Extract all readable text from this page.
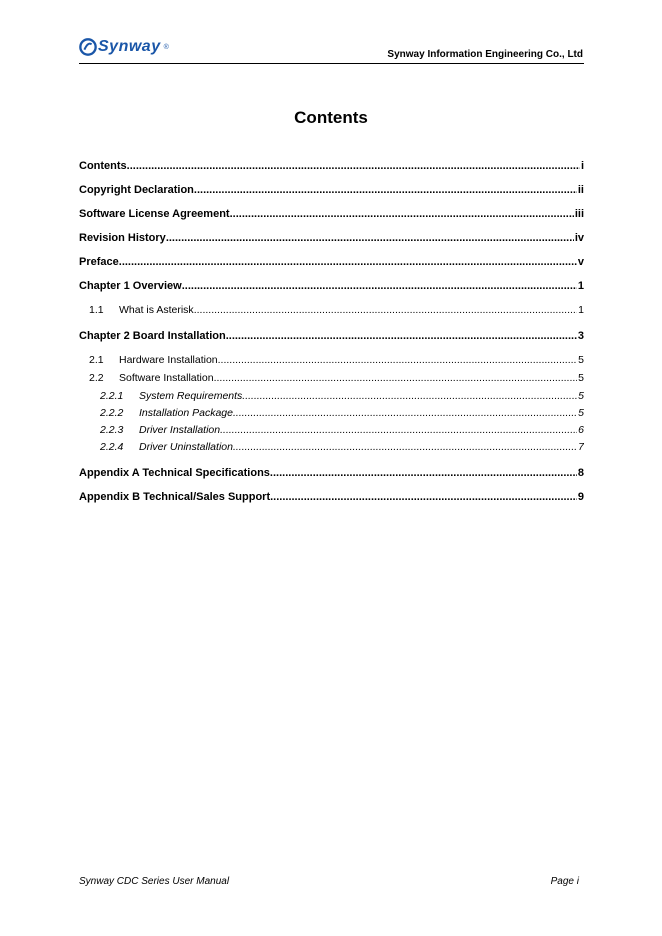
Synway ®
Synway Information Engineering Co., Ltd
Contents
Contents .....	i
Copyright Declaration .....	ii
Software License Agreement .....	iii
Revision History .....	iv
Preface .....	v
Chapter 1 Overview .....	1
1.1	What is Asterisk .....	1
Chapter 2 Board Installation .....	3
2.1	Hardware Installation .....	5
2.2	Software Installation .....	5
2.2.1	System Requirements .....	5
2.2.2	Installation Package .....	5
2.2.3	Driver Installation .....	6
2.2.4	Driver Uninstallation .....	7
Appendix A Technical Specifications .....	8
Appendix B Technical/Sales Support .....	9
Synway CDC Series User Manual	Page i
